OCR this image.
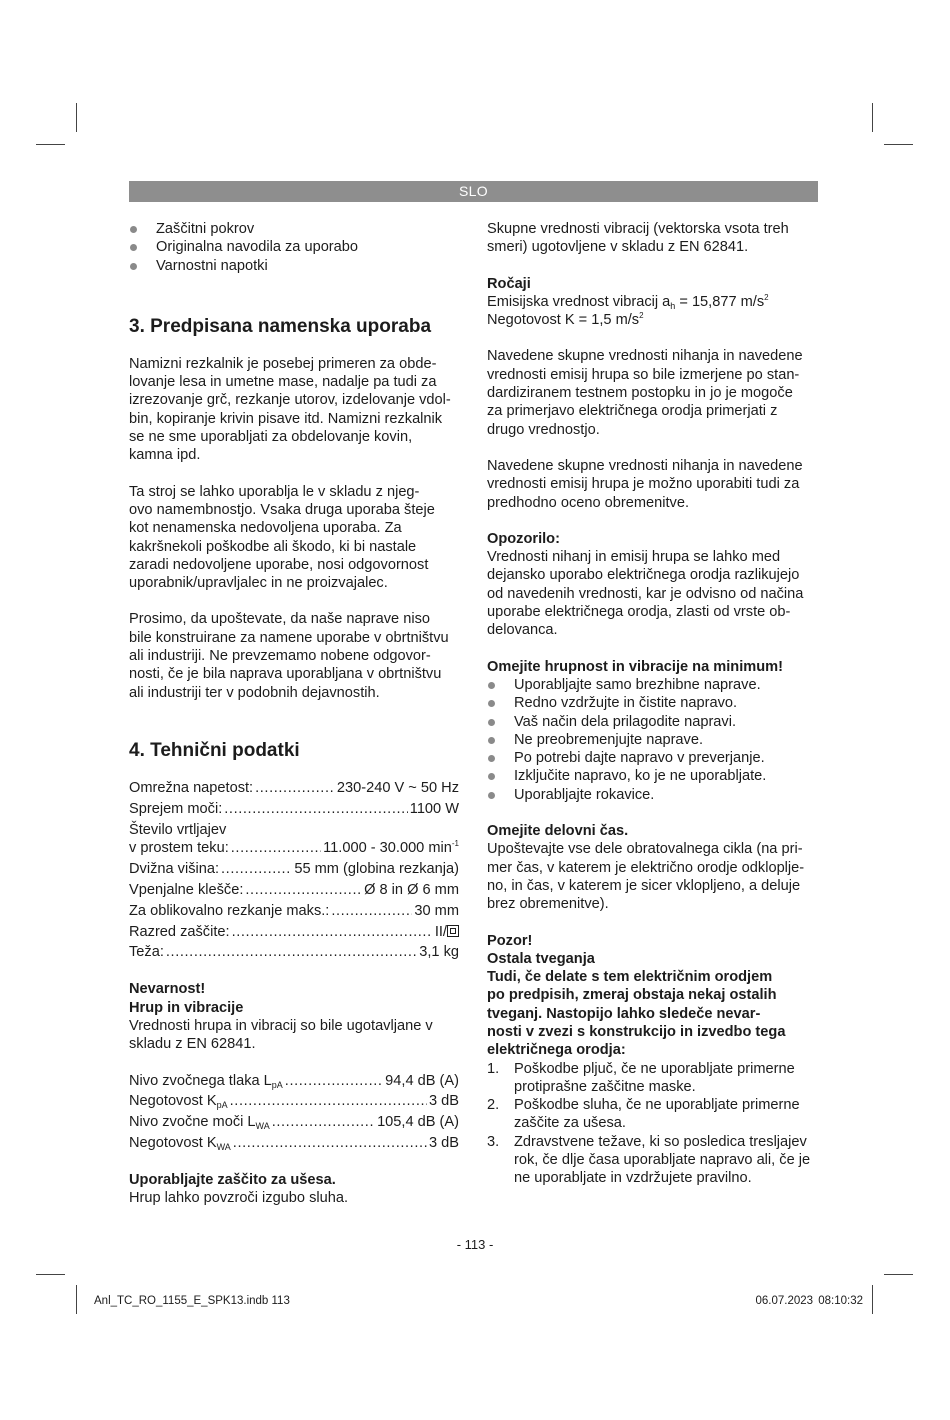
SLO
Zaščitni pokrov
Originalna navodila za uporabo
Varnostni napotki
3. Predpisana namenska uporaba

Namizni rezkalnik je posebej primeren za obde-
lovanje lesa in umetne mase, nadalje pa tudi za
izrezovanje grč, rezkanje utorov, izdelovanje vdol-
bin, kopiranje krivin pisave itd. Namizni rezkalnik
se ne sme uporabljati za obdelovanje kovin,
kamna ipd.

Ta stroj se lahko uporablja le v skladu z njeg-
ovo namembnostjo. Vsaka druga uporaba šteje
kot nenamenska nedovoljena uporaba. Za
kakršnekoli poškodbe ali škodo, ki bi nastale
zaradi nedovoljene uporabe, nosi odgovornost
uporabnik/upravljalec in ne proizvajalec.

Prosimo, da upoštevate, da naše naprave niso
bile konstruirane za namene uporabe v obrtništvu
ali industriji. Ne prevzemamo nobene odgovor-
nosti, če je bila naprava uporabljana v obrtništvu
ali industriji ter v podobnih dejavnostih.

4. Tehnični podatki
Omrežna napetost: .....	230-240 V ~ 50 Hz
Sprejem moči: .....	1100 W
Število vrtljajev
v prostem teku: .....	11.000 - 30.000 $\min^{-1}$
Dvižna višina: .....	55 mm (globina rezkanja)
Vpenjalne klešče: .....	Ø 8 in Ø 6 mm
Za oblikovalno rezkanje maks.: .....	30 mm
Razred zaščite: .....	II/
Teža: .....	3,1 kg

Nevarnost!

Hrup in vibracije

Vrednosti hrupa in vibracij so bile ugotavljane v
skladu z EN 62841.

Nivo zvočnega tlaka $L_{pA}$ .....	94,4 dB (A)
Negotovost $K_{pA}$ .....	3 dB
Nivo zvočne moči $L_{WA}$ .....	105,4 dB (A)
Negotovost $K_{WA}$ .....	3 dB

Uporabljajte zaščito za ušesa.

Hrup lahko povzroči izgubo sluha.

Skupne vrednosti vibracij (vektorska vsota treh
smeri) ugotovljene v skladu z EN 62841.

Ročaji

Emisijska vrednost vibracij $a_h = 15,877$ $m/s^2$

Negotovost K = 1,5 $m/s^2$

Navedene skupne vrednosti nihanja in navedene
vrednosti emisij hrupa so bile izmerjene po stan-
dardiziranem testnem postopku in jo je mogoče
za primerjavo električnega orodja primerjati z
drugo vrednostjo.

Navedene skupne vrednosti nihanja in navedene
vrednosti emisij hrupa je možno uporabiti tudi za
predhodno oceno obremenitve.

Opozorilo:

Vrednosti nihanj in emisij hrupa se lahko med
dejansko uporabo električnega orodja razlikujejo
od navedenih vrednosti, kar je odvisno od načina
uporabe električnega orodja, zlasti od vrste ob-
delovanca.

Omejite hrupnost in vibracije na minimum!

Uporabljajte samo brezhibne naprave.
Redno vzdržujte in čistite napravo.
Vaš način dela prilagodite napravi.
Ne preobremenjujte naprave.
Po potrebi dajte napravo v preverjanje.
Izključite napravo, ko je ne uporabljate.
Uporabljajte rokavice.

Omejite delovni čas.

Upoštevajte vse dele obratovalnega cikla (na pri-
mer čas, v katerem je električno orodje odkloplje-
no, in čas, v katerem je sicer vklopljeno, a deluje
brez obremenitve).

Pozor!

Ostala tveganja

Tudi, če delate s tem električnim orodjem
po predpisih, zmeraj obstaja nekaj ostalih
tveganj. Nastopijo lahko sledeče nevar-
nosti v zvezi s konstrukcijo in izvedbo tega
električnega orodja:

1. Poškodbe pljuč, če ne uporabljate primerne
protiprašne zaščitne maske.
2. Poškodbe sluha, če ne uporabljate primerne
zaščite za ušesa.
3. Zdravstvene težave, ki so posledica tresljajev
rok, če dlje časa uporabljate napravo ali, če je
ne uporabljate in vzdržujete pravilno.
- 113 -
Anl_TC_RO_1155_E_SPK13.indb 113	06.07.2023 08:10:32
